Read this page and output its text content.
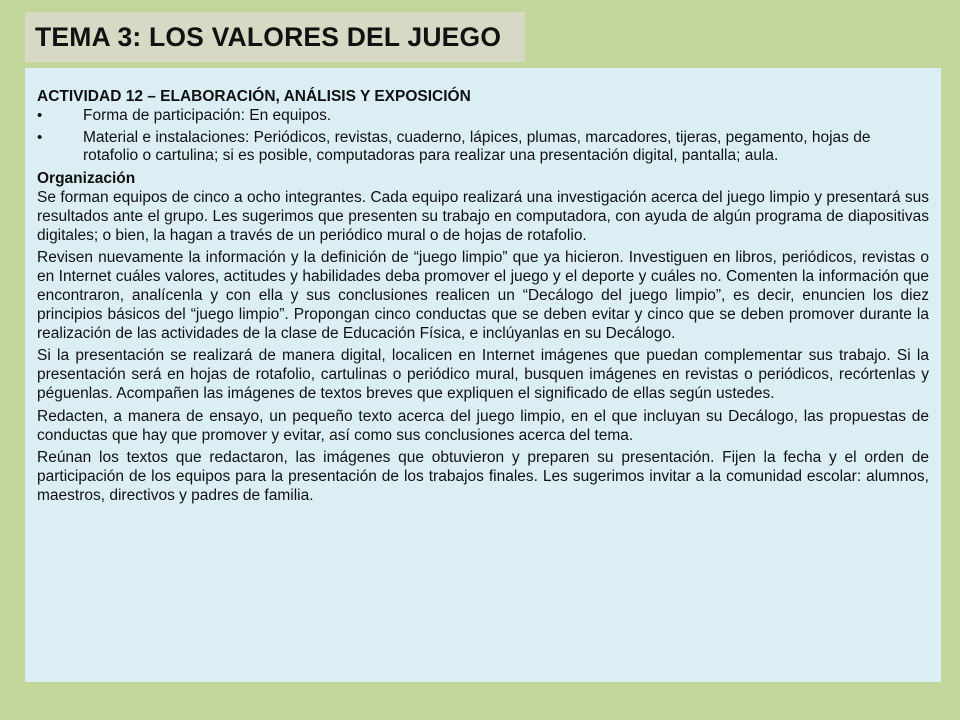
TEMA 3: LOS VALORES DEL JUEGO

ACTIVIDAD 12 – ELABORACIÓN, ANÁLISIS Y EXPOSICIÓN

•	Forma de participación: En equipos.
•	Material e instalaciones: Periódicos, revistas, cuaderno, lápices, plumas, marcadores, tijeras, pegamento, hojas de rotafolio o cartulina; si es posible, computadoras para realizar una presentación digital, pantalla; aula.

Organización

Se forman equipos de cinco a ocho integrantes. Cada equipo realizará una investigación acerca del juego limpio y presentará sus resultados ante el grupo. Les sugerimos que presenten su trabajo en computadora, con ayuda de algún programa de diapositivas digitales; o bien, la hagan a través de un periódico mural o de hojas de rotafolio.

Revisen nuevamente la información y la definición de “juego limpio” que ya hicieron. Investiguen en libros, periódicos, revistas o en Internet cuáles valores, actitudes y habilidades deba promover el juego y el deporte y cuáles no. Comenten la información que encontraron, analícenla y con ella y sus conclusiones realicen un “Decálogo del juego limpio”, es decir, enuncien los diez principios básicos del “juego limpio”. Propongan cinco conductas que se deben evitar y cinco que se deben promover durante la realización de las actividades de la clase de Educación Física, e inclúyanlas en su Decálogo.

Si la presentación se realizará de manera digital, localicen en Internet imágenes que puedan complementar sus trabajo. Si la presentación será en hojas de rotafolio, cartulinas o periódico mural, busquen imágenes en revistas o periódicos, recórtenlas y péguenlas. Acompañen las imágenes de textos breves que expliquen el significado de ellas según ustedes.

Redacten, a manera de ensayo, un pequeño texto acerca del juego limpio, en el que incluyan su Decálogo, las propuestas de conductas que hay que promover y evitar, así como sus conclusiones acerca del tema.

Reúnan los textos que redactaron, las imágenes que obtuvieron y preparen su presentación. Fijen la fecha y el orden de participación de los equipos para la presentación de los trabajos finales. Les sugerimos invitar a la comunidad escolar: alumnos, maestros, directivos y padres de familia.
